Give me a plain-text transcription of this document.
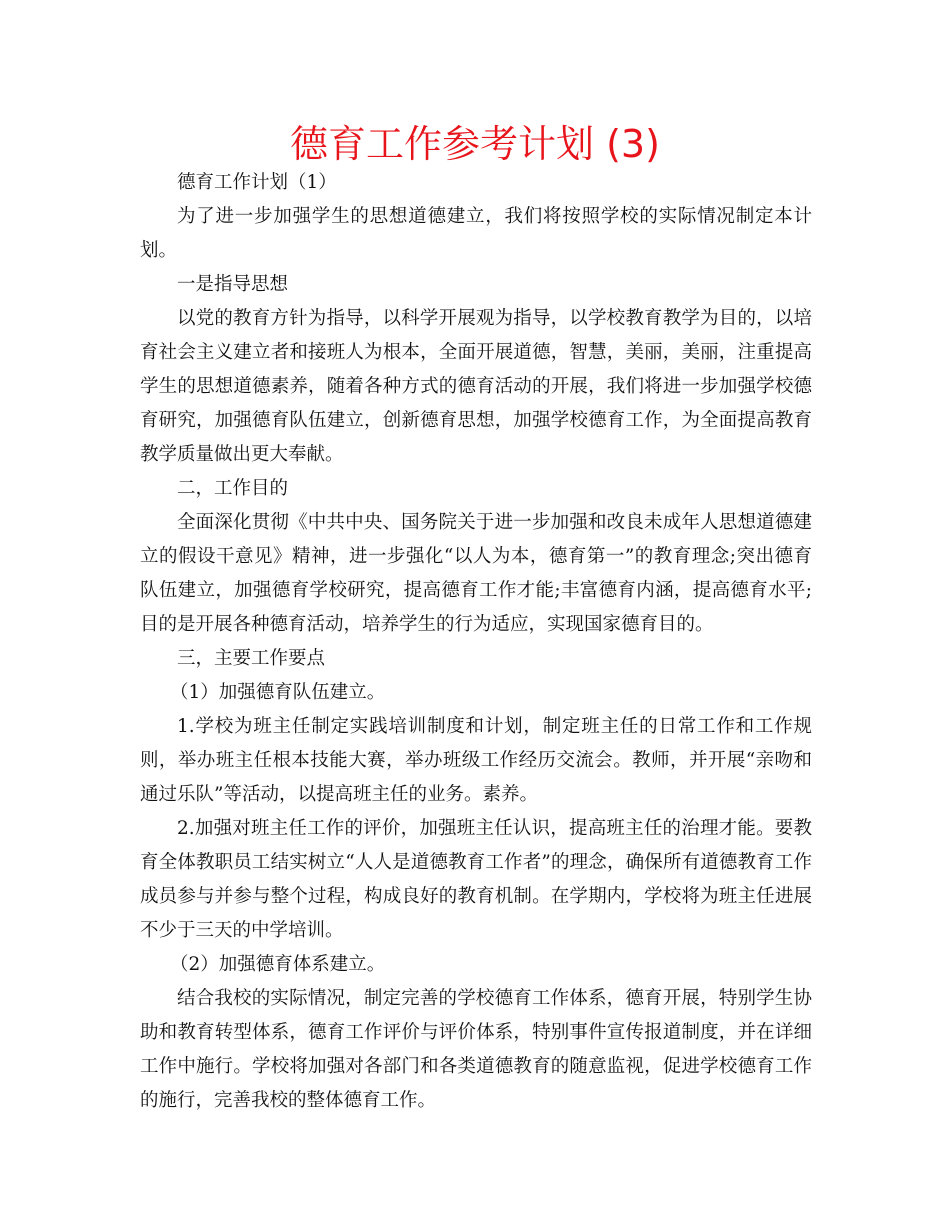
德育工作参考计划 (3)

德育工作计划（1）

为了进一步加强学生的思想道德建立，我们将按照学校的实际情况制定本计划。

一是指导思想

以党的教育方针为指导，以科学开展观为指导，以学校教育教学为目的，以培育社会主义建立者和接班人为根本，全面开展道德，智慧，美丽，美丽，注重提高学生的思想道德素养，随着各种方式的德育活动的开展，我们将进一步加强学校德育研究，加强德育队伍建立，创新德育思想，加强学校德育工作，为全面提高教育教学质量做出更大奉献。

二，工作目的

全面深化贯彻《中共中央、国务院关于进一步加强和改良未成年人思想道德建立的假设干意见》精神，进一步强化“以人为本，德育第一”的教育理念;突出德育队伍建立，加强德育学校研究，提高德育工作才能;丰富德育内涵，提高德育水平;目的是开展各种德育活动，培养学生的行为适应，实现国家德育目的。

三，主要工作要点

（1）加强德育队伍建立。

1.学校为班主任制定实践培训制度和计划，制定班主任的日常工作和工作规则，举办班主任根本技能大赛，举办班级工作经历交流会。教师，并开展“亲吻和通过乐队”等活动，以提高班主任的业务。素养。

2.加强对班主任工作的评价，加强班主任认识，提高班主任的治理才能。要教育全体教职员工结实树立“人人是道德教育工作者”的理念，确保所有道德教育工作成员参与并参与整个过程，构成良好的教育机制。在学期内，学校将为班主任进展不少于三天的中学培训。

（2）加强德育体系建立。

结合我校的实际情况，制定完善的学校德育工作体系，德育开展，特别学生协助和教育转型体系，德育工作评价与评价体系，特别事件宣传报道制度，并在详细工作中施行。学校将加强对各部门和各类道德教育的随意监视，促进学校德育工作的施行，完善我校的整体德育工作。
